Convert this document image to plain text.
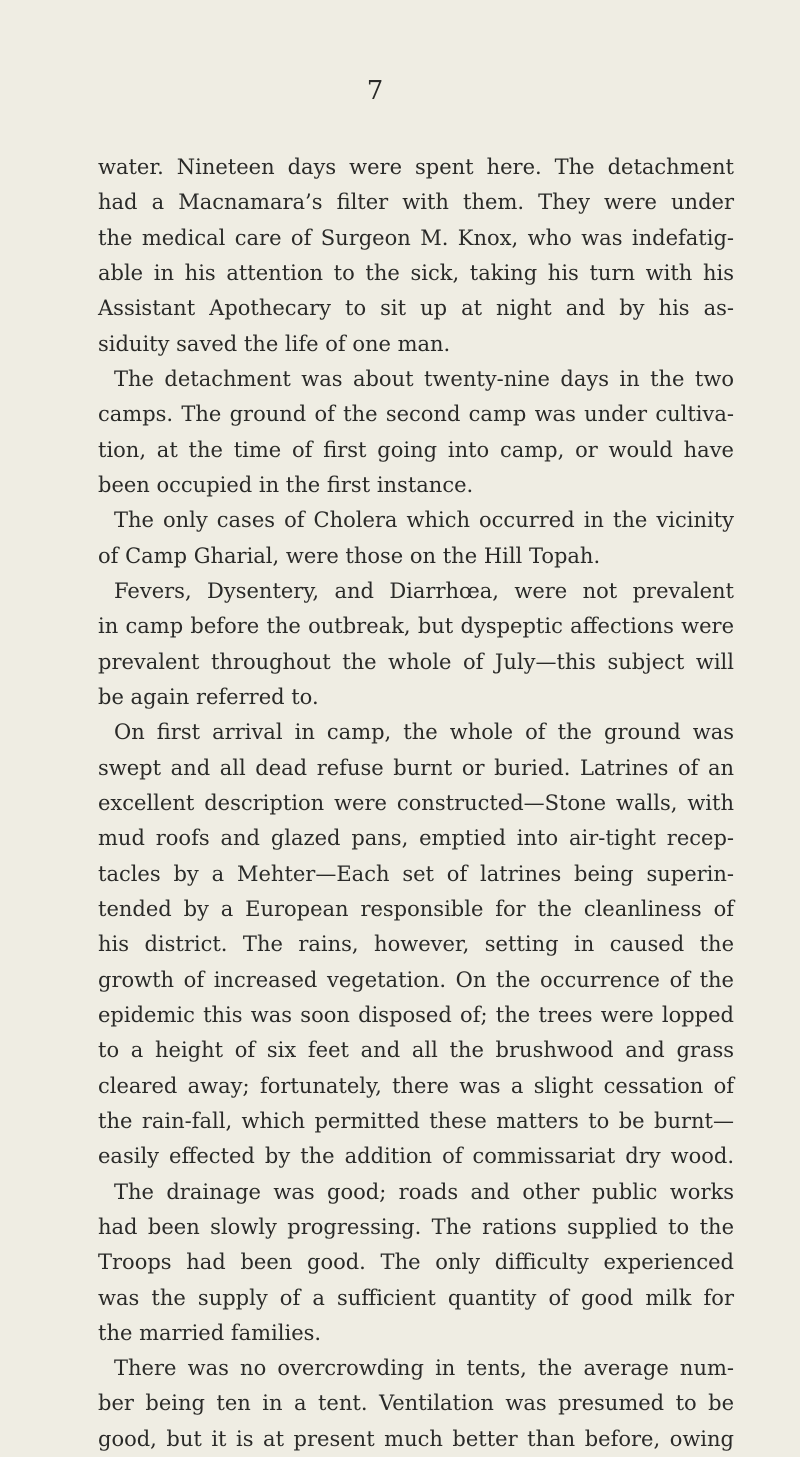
7
water. Nineteen days were spent here. The detachment
had a Macnamara’s filter with them. They were under
the medical care of Surgeon M. Knox, who was indefatig-
able in his attention to the sick, taking his turn with his
Assistant Apothecary to sit up at night and by his as-
siduity saved the life of one man.
The detachment was about twenty-nine days in the two
camps. The ground of the second camp was under cultiva-
tion, at the time of first going into camp, or would have
been occupied in the first instance.
The only cases of Cholera which occurred in the vicinity
of Camp Gharial, were those on the Hill Topah.
Fevers, Dysentery, and Diarrhœa, were not prevalent
in camp before the outbreak, but dyspeptic affections were
prevalent throughout the whole of July—this subject will
be again referred to.
On first arrival in camp, the whole of the ground was
swept and all dead refuse burnt or buried. Latrines of an
excellent description were constructed—Stone walls, with
mud roofs and glazed pans, emptied into air-tight recep-
tacles by a Mehter—Each set of latrines being superin-
tended by a European responsible for the cleanliness of
his district. The rains, however, setting in caused the
growth of increased vegetation. On the occurrence of the
epidemic this was soon disposed of; the trees were lopped
to a height of six feet and all the brushwood and grass
cleared away; fortunately, there was a slight cessation of
the rain-fall, which permitted these matters to be burnt—
easily effected by the addition of commissariat dry wood.
The drainage was good; roads and other public works
had been slowly progressing. The rations supplied to the
Troops had been good. The only difficulty experienced
was the supply of a sufficient quantity of good milk for
the married families.
There was no overcrowding in tents, the average num-
ber being ten in a tent. Ventilation was presumed to be
good, but it is at present much better than before, owing
